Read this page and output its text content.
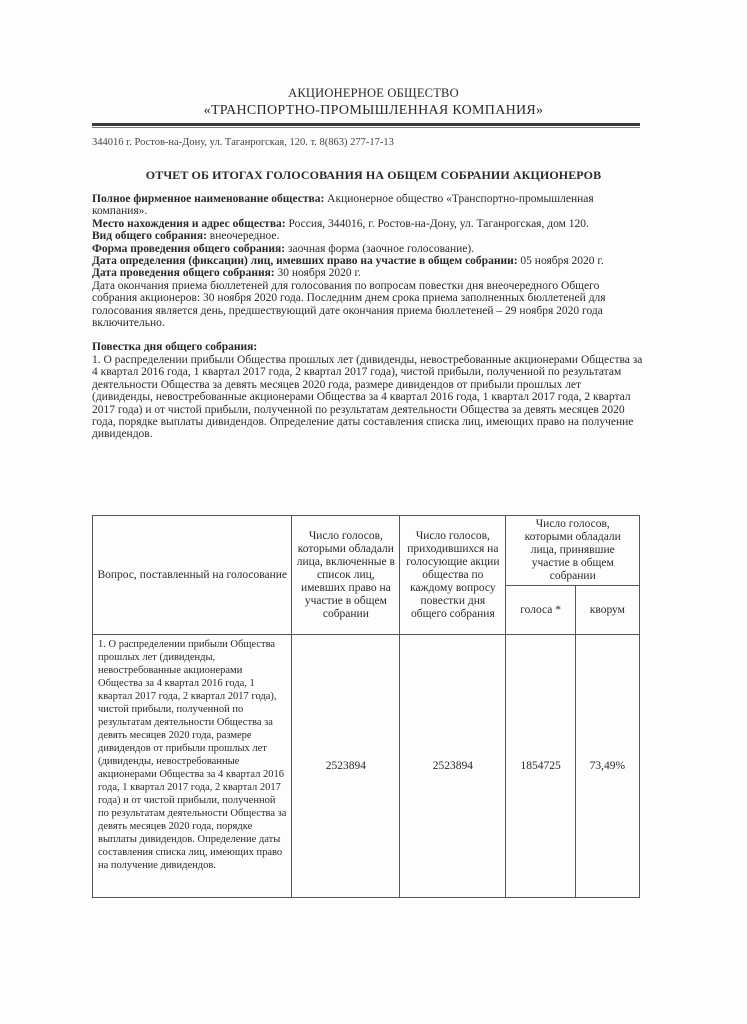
АКЦИОНЕРНОЕ ОБЩЕСТВО
«ТРАНСПОРТНО-ПРОМЫШЛЕННАЯ КОМПАНИЯ»
344016 г. Ростов-на-Дону, ул. Таганрогская, 120. т. 8(863) 277-17-13
ОТЧЕТ ОБ ИТОГАХ ГОЛОСОВАНИЯ НА ОБЩЕМ СОБРАНИИ АКЦИОНЕРОВ

Полное фирменное наименование общества: Акционерное общество «Транспортно-промышленная компания».

Место нахождения и адрес общества: Россия, 344016, г. Ростов-на-Дону, ул. Таганрогская, дом 120.

Вид общего собрания: внеочередное.

Форма проведения общего собрания: заочная форма (заочное голосование).

Дата определения (фиксации) лиц, имевших право на участие в общем собрании: 05 ноября 2020 г.

Дата проведения общего собрания: 30 ноября 2020 г.

Дата окончания приема бюллетеней для голосования по вопросам повестки дня внеочередного Общего собрания акционеров: 30 ноября 2020 года. Последним днем срока приема заполненных бюллетеней для голосования является день, предшествующий дате окончания приема бюллетеней – 29 ноября 2020 года включительно.

Повестка дня общего собрания:

1. О распределении прибыли Общества прошлых лет (дивиденды, невостребованные акционерами Общества за 4 квартал 2016 года, 1 квартал 2017 года, 2 квартал 2017 года), чистой прибыли, полученной по результатам деятельности Общества за девять месяцев 2020 года, размере дивидендов от прибыли прошлых лет (дивиденды, невостребованные акционерами Общества за 4 квартал 2016 года, 1 квартал 2017 года, 2 квартал 2017 года) и от чистой прибыли, полученной по результатам деятельности Общества за девять месяцев 2020 года, порядке выплаты дивидендов. Определение даты составления списка лиц, имеющих право на получение дивидендов.

Вопрос, поставленный на голосование	Число голосов, которыми обладали лица, включенные в список лиц, имевших право на участие в общем собрании	Число голосов, приходившихся на голосующие акции общества по каждому вопросу повестки дня общего собрания	Число голосов, которыми обладали лица, принявшие участие в общем собрании	
			голоса *	кворум
1. О распределении прибыли Общества прошлых лет (дивиденды, невостребованные акционерами Общества за 4 квартал 2016 года, 1 квартал 2017 года, 2 квартал 2017 года), чистой прибыли, полученной по результатам деятельности Общества за девять месяцев 2020 года, размере дивидендов от прибыли прошлых лет (дивиденды, невостребованные акционерами Общества за 4 квартал 2016 года, 1 квартал 2017 года, 2 квартал 2017 года) и от чистой прибыли, полученной по результатам деятельности Общества за девять месяцев 2020 года, порядке выплаты дивидендов. Определение даты составления списка лиц, имеющих право на получение дивидендов.	2523894	2523894	1854725	73,49%
